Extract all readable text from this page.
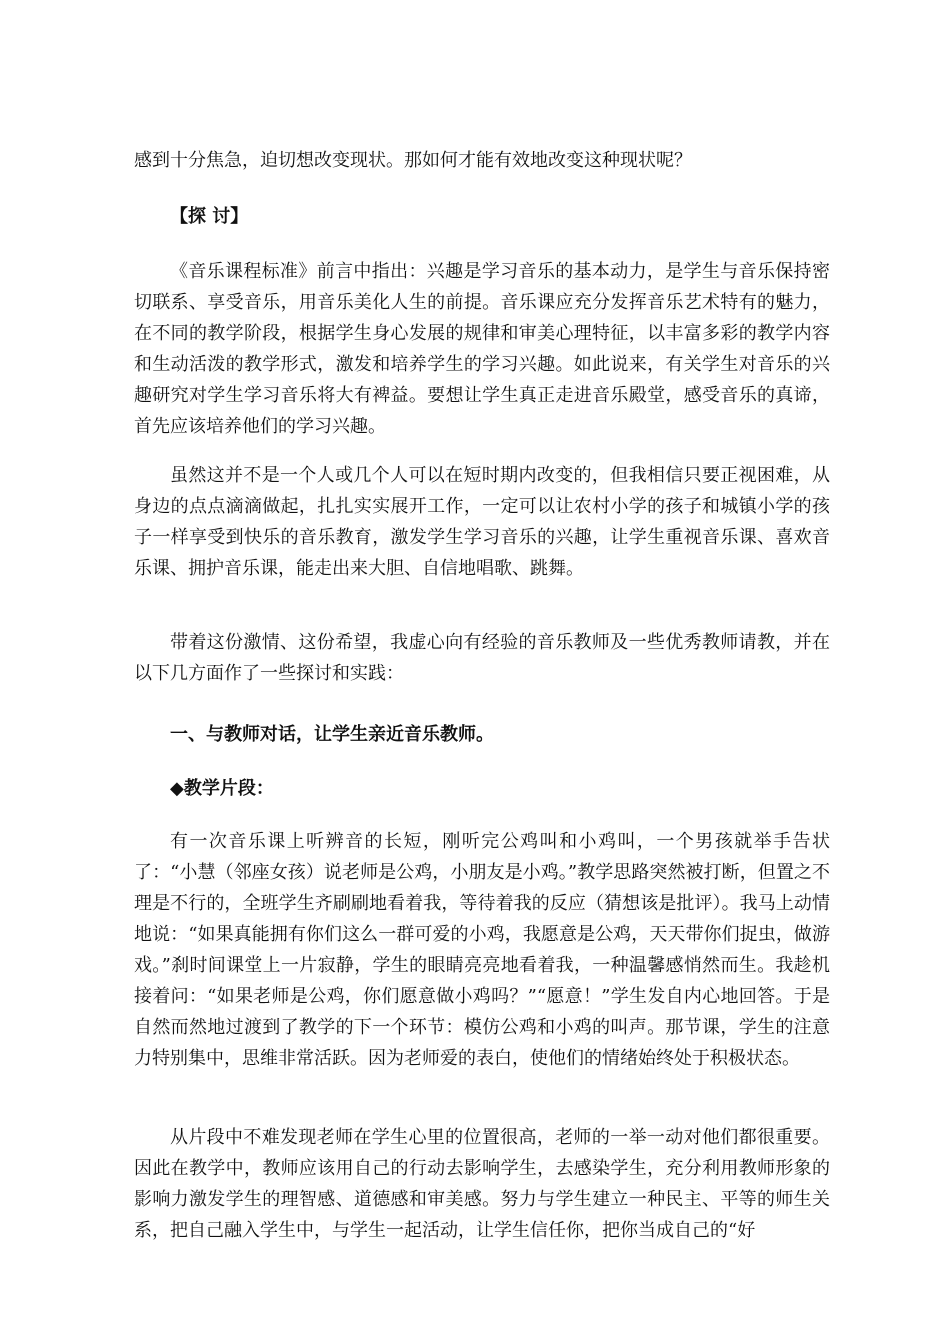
感到十分焦急，迫切想改变现状。那如何才能有效地改变这种现状呢？

【探 讨】

《音乐课程标准》前言中指出：兴趣是学习音乐的基本动力，是学生与音乐保持密切联系、享受音乐，用音乐美化人生的前提。音乐课应充分发挥音乐艺术特有的魅力，在不同的教学阶段，根据学生身心发展的规律和审美心理特征，以丰富多彩的教学内容和生动活泼的教学形式，激发和培养学生的学习兴趣。如此说来，有关学生对音乐的兴趣研究对学生学习音乐将大有裨益。要想让学生真正走进音乐殿堂，感受音乐的真谛，首先应该培养他们的学习兴趣。

虽然这并不是一个人或几个人可以在短时期内改变的，但我相信只要正视困难，从身边的点点滴滴做起，扎扎实实展开工作，一定可以让农村小学的孩子和城镇小学的孩子一样享受到快乐的音乐教育，激发学生学习音乐的兴趣，让学生重视音乐课、喜欢音乐课、拥护音乐课，能走出来大胆、自信地唱歌、跳舞。

带着这份激情、这份希望，我虚心向有经验的音乐教师及一些优秀教师请教，并在以下几方面作了一些探讨和实践：

一、与教师对话，让学生亲近音乐教师。

◆教学片段：

有一次音乐课上听辨音的长短，刚听完公鸡叫和小鸡叫，一个男孩就举手告状了：“小慧（邻座女孩）说老师是公鸡，小朋友是小鸡。”教学思路突然被打断，但置之不理是不行的，全班学生齐刷刷地看着我，等待着我的反应（猜想该是批评）。我马上动情地说：“如果真能拥有你们这么一群可爱的小鸡，我愿意是公鸡，天天带你们捉虫，做游戏。”刹时间课堂上一片寂静，学生的眼睛亮亮地看着我，一种温馨感悄然而生。我趁机接着问：“如果老师是公鸡，你们愿意做小鸡吗？”“愿意！”学生发自内心地回答。于是自然而然地过渡到了教学的下一个环节：模仿公鸡和小鸡的叫声。那节课，学生的注意力特别集中，思维非常活跃。因为老师爱的表白，使他们的情绪始终处于积极状态。

从片段中不难发现老师在学生心里的位置很高，老师的一举一动对他们都很重要。因此在教学中，教师应该用自己的行动去影响学生，去感染学生，充分利用教师形象的影响力激发学生的理智感、道德感和审美感。努力与学生建立一种民主、平等的师生关系，把自己融入学生中，与学生一起活动，让学生信任你，把你当成自己的“好
